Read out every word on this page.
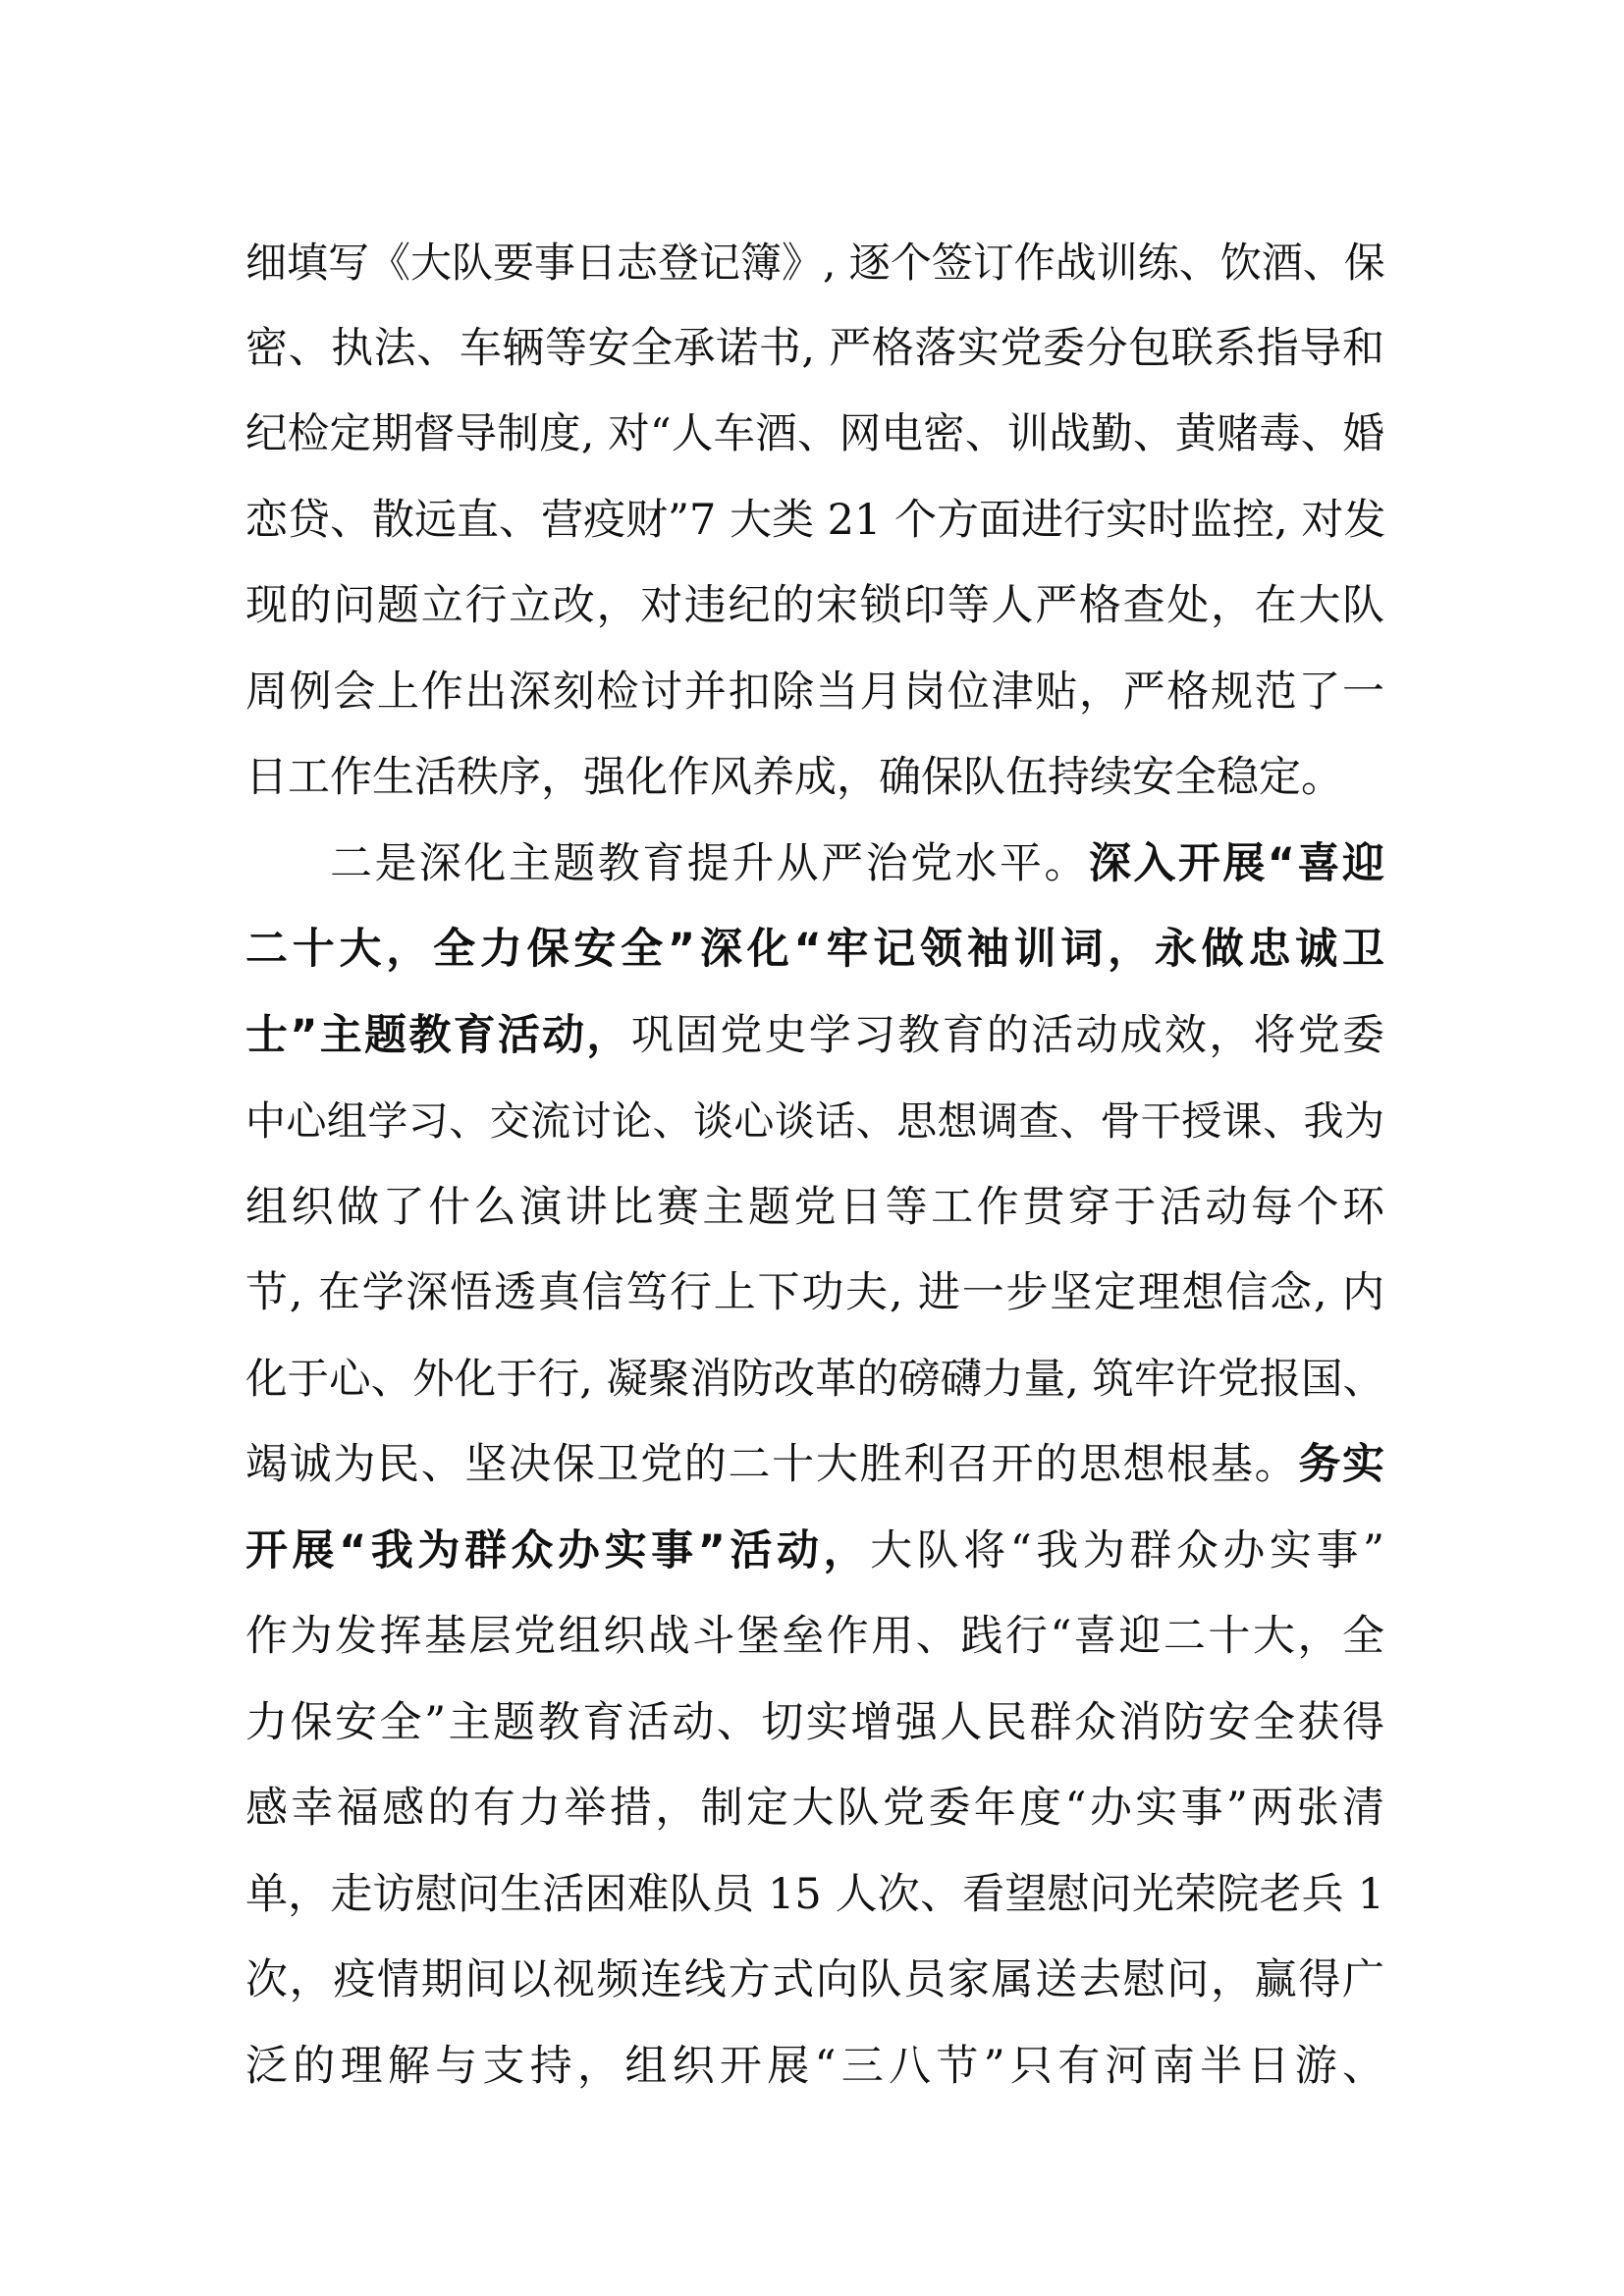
细填写《大队要事日志登记簿》, 逐个签订作战训练、饮酒、保
密、执法、车辆等安全承诺书, 严格落实党委分包联系指导和
纪检定期督导制度, 对“人车酒、网电密、训战勤、黄赌毒、婚
恋贷、散远直、营疫财”7 大类 21 个方面进行实时监控, 对发
现的问题立行立改，对违纪的宋锁印等人严格查处，在大队
周例会上作出深刻检讨并扣除当月岗位津贴，严格规范了一
日工作生活秩序，强化作风养成，确保队伍持续安全稳定。
二是深化主题教育提升从严治党水平。深入开展“喜迎
二十大，全力保安全”深化“牢记领袖训词，永做忠诚卫
士”主题教育活动，巩固党史学习教育的活动成效，将党委
中心组学习、交流讨论、谈心谈话、思想调查、骨干授课、我为
组织做了什么演讲比赛主题党日等工作贯穿于活动每个环
节, 在学深悟透真信笃行上下功夫, 进一步坚定理想信念, 内
化于心、外化于行, 凝聚消防改革的磅礴力量, 筑牢许党报国、
竭诚为民、坚决保卫党的二十大胜利召开的思想根基。务实
开展“我为群众办实事”活动，大队将“我为群众办实事”
作为发挥基层党组织战斗堡垒作用、践行“喜迎二十大，全
力保安全”主题教育活动、切实增强人民群众消防安全获得
感幸福感的有力举措，制定大队党委年度“办实事”两张清
单，走访慰问生活困难队员 15 人次、看望慰问光荣院老兵 1
次，疫情期间以视频连线方式向队员家属送去慰问，赢得广
泛的理解与支持，组织开展“三八节”只有河南半日游、
